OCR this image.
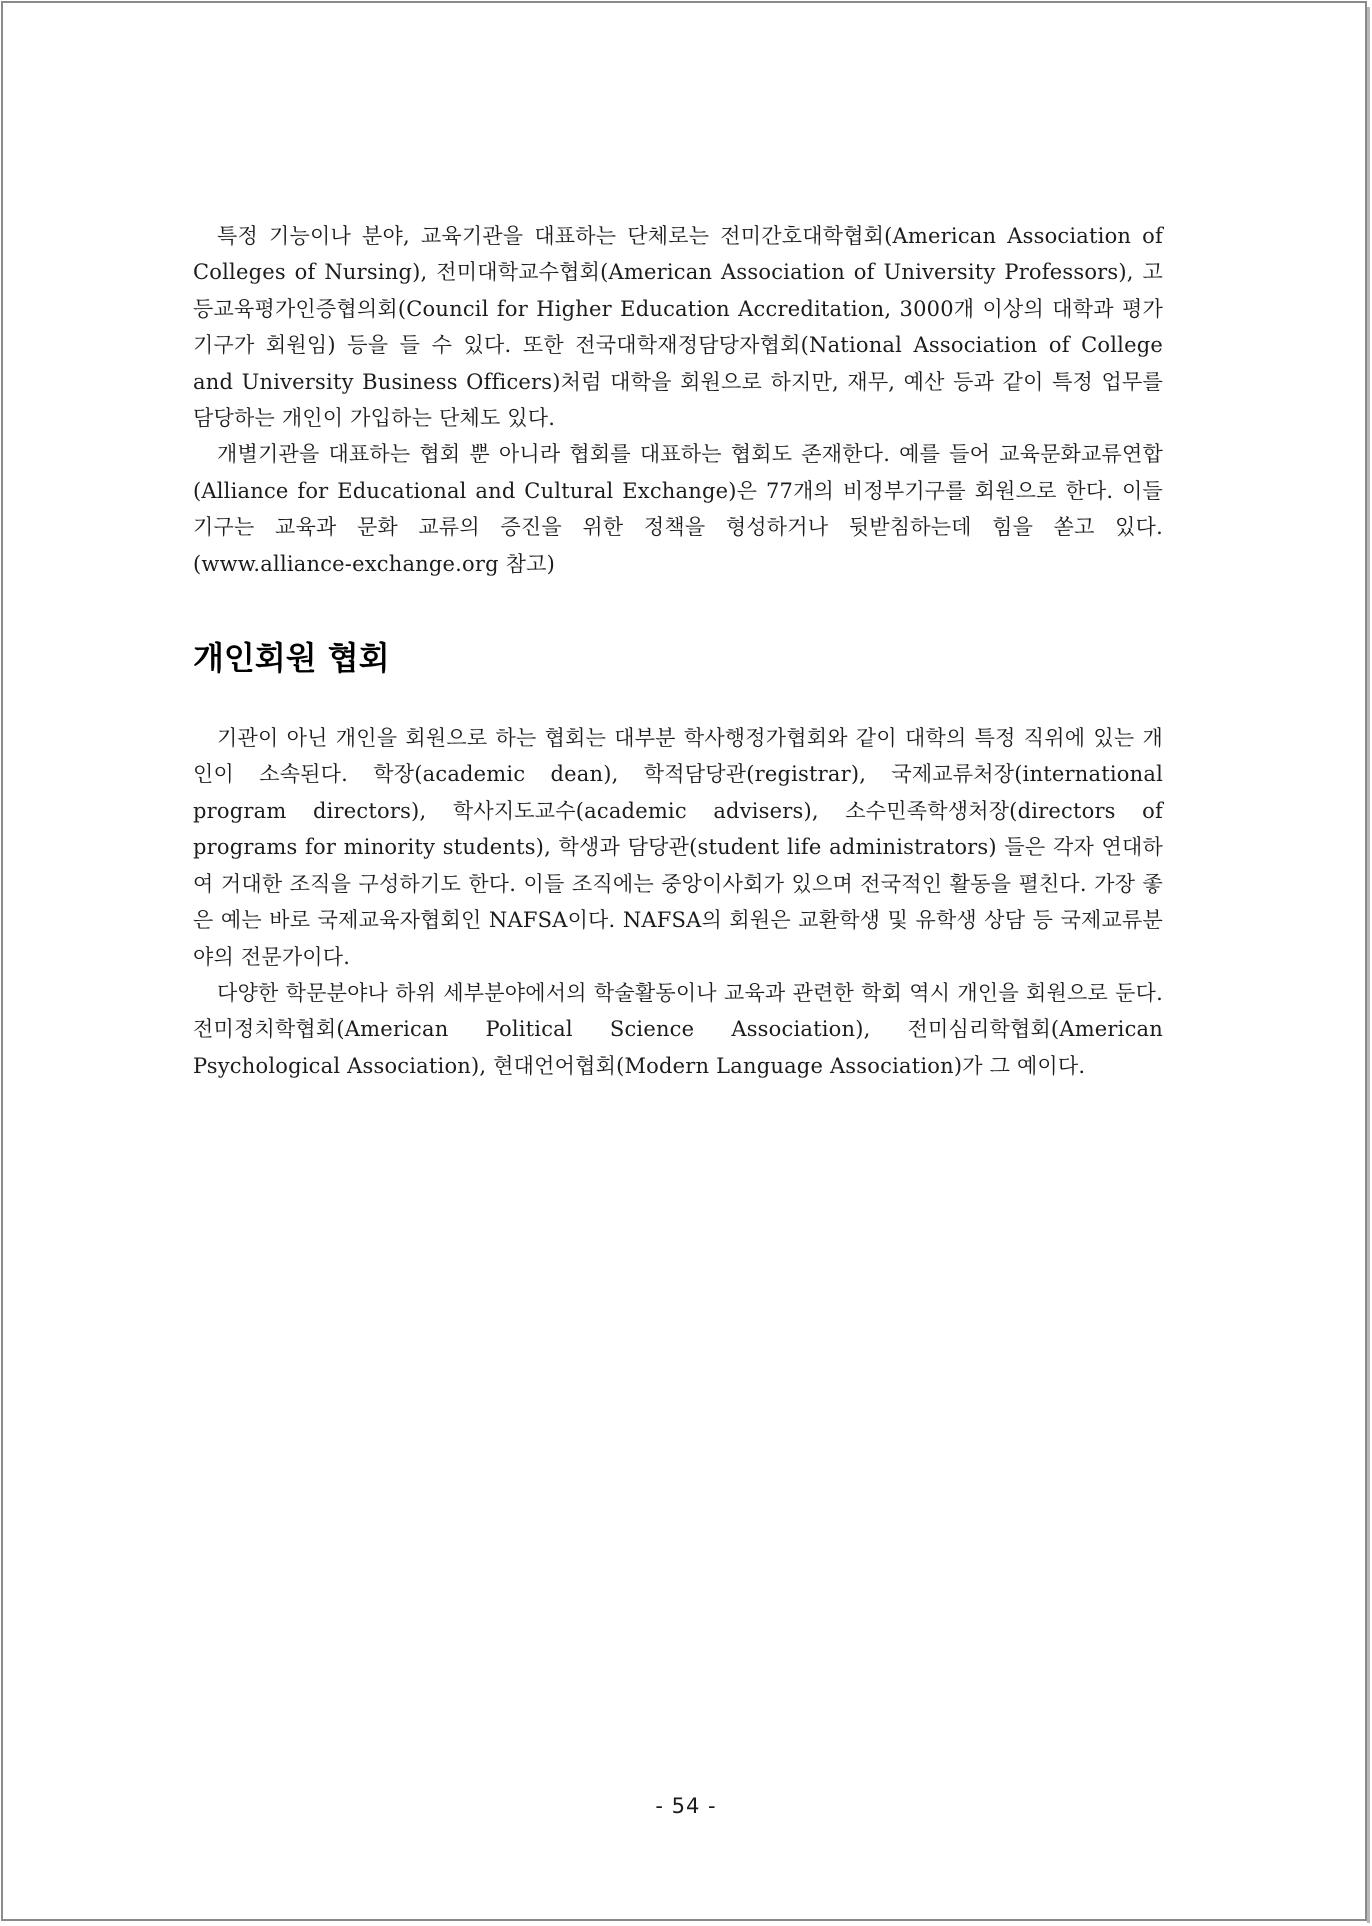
특정 기능이나 분야, 교육기관을 대표하는 단체로는 전미간호대학협회(American Association of Colleges of Nursing), 전미대학교수협회(American Association of University Professors), 고등교육평가인증협의회(Council for Higher Education Accreditation, 3000개 이상의 대학과 평가기구가 회원임) 등을 들 수 있다. 또한 전국대학재정담당자협회(National Association of College and University Business Officers)처럼 대학을 회원으로 하지만, 재무, 예산 등과 같이 특정 업무를 담당하는 개인이 가입하는 단체도 있다.

개별기관을 대표하는 협회 뿐 아니라 협회를 대표하는 협회도 존재한다. 예를 들어 교육문화교류연합(Alliance for Educational and Cultural Exchange)은 77개의 비정부기구를 회원으로 한다. 이들 기구는 교육과 문화 교류의 증진을 위한 정책을 형성하거나 뒷받침하는데 힘을 쏟고 있다. (www.alliance-exchange.org 참고)

개인회원 협회

기관이 아닌 개인을 회원으로 하는 협회는 대부분 학사행정가협회와 같이 대학의 특정 직위에 있는 개인이 소속된다. 학장(academic dean), 학적담당관(registrar), 국제교류처장(international program directors), 학사지도교수(academic advisers), 소수민족학생처장(directors of programs for minority students), 학생과 담당관(student life administrators) 들은 각자 연대하여 거대한 조직을 구성하기도 한다. 이들 조직에는 중앙이사회가 있으며 전국적인 활동을 펼친다. 가장 좋은 예는 바로 국제교육자협회인 NAFSA이다. NAFSA의 회원은 교환학생 및 유학생 상담 등 국제교류분야의 전문가이다.

다양한 학문분야나 하위 세부분야에서의 학술활동이나 교육과 관련한 학회 역시 개인을 회원으로 둔다. 전미정치학협회(American Political Science Association), 전미심리학협회(American Psychological Association), 현대언어협회(Modern Language Association)가 그 예이다.

- 54 -
